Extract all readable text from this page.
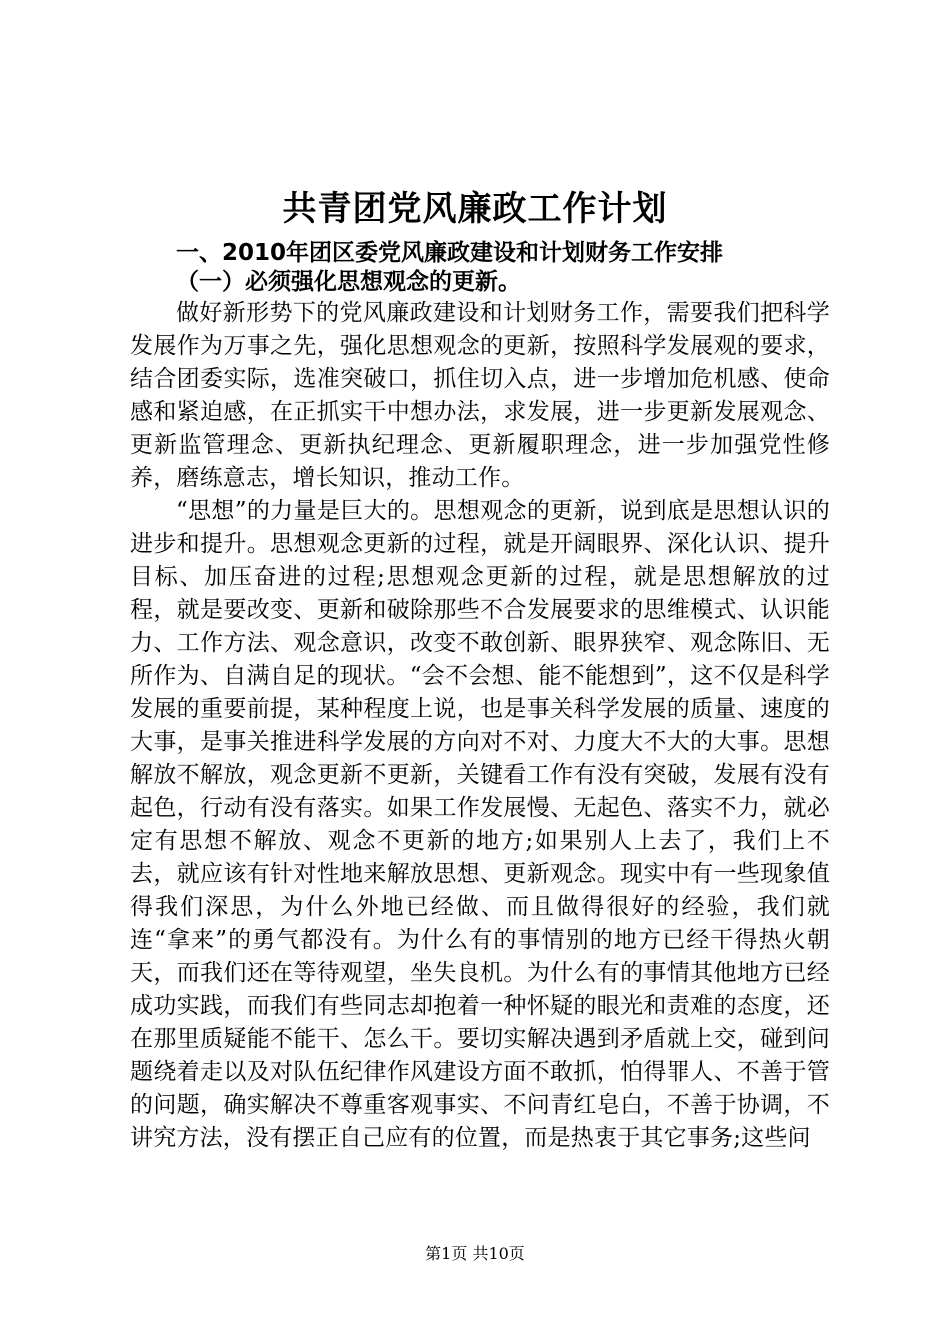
共青团党风廉政工作计划
一、2010年团区委党风廉政建设和计划财务工作安排
（一）必须强化思想观念的更新。

做好新形势下的党风廉政建设和计划财务工作，需要我们把科学发展作为万事之先，强化思想观念的更新，按照科学发展观的要求，结合团委实际，选准突破口，抓住切入点，进一步增加危机感、使命感和紧迫感，在正抓实干中想办法，求发展，进一步更新发展观念、更新监管理念、更新执纪理念、更新履职理念，进一步加强党性修养，磨练意志，增长知识，推动工作。

“思想”的力量是巨大的。思想观念的更新，说到底是思想认识的进步和提升。思想观念更新的过程，就是开阔眼界、深化认识、提升目标、加压奋进的过程;思想观念更新的过程，就是思想解放的过程，就是要改变、更新和破除那些不合发展要求的思维模式、认识能力、工作方法、观念意识，改变不敢创新、眼界狭窄、观念陈旧、无所作为、自满自足的现状。“会不会想、能不能想到”，这不仅是科学发展的重要前提，某种程度上说，也是事关科学发展的质量、速度的大事，是事关推进科学发展的方向对不对、力度大不大的大事。思想解放不解放，观念更新不更新，关键看工作有没有突破，发展有没有起色，行动有没有落实。如果工作发展慢、无起色、落实不力，就必定有思想不解放、观念不更新的地方;如果别人上去了，我们上不去，就应该有针对性地来解放思想、更新观念。现实中有一些现象值得我们深思，为什么外地已经做、而且做得很好的经验，我们就连“拿来”的勇气都没有。为什么有的事情别的地方已经干得热火朝天，而我们还在等待观望，坐失良机。为什么有的事情其他地方已经成功实践，而我们有些同志却抱着一种怀疑的眼光和责难的态度，还在那里质疑能不能干、怎么干。要切实解决遇到矛盾就上交，碰到问题绕着走以及对队伍纪律作风建设方面不敢抓，怕得罪人、不善于管的问题，确实解决不尊重客观事实、不问青红皂白，不善于协调，不讲究方法，没有摆正自己应有的位置，而是热衷于其它事务;这些问

第1页 共10页
